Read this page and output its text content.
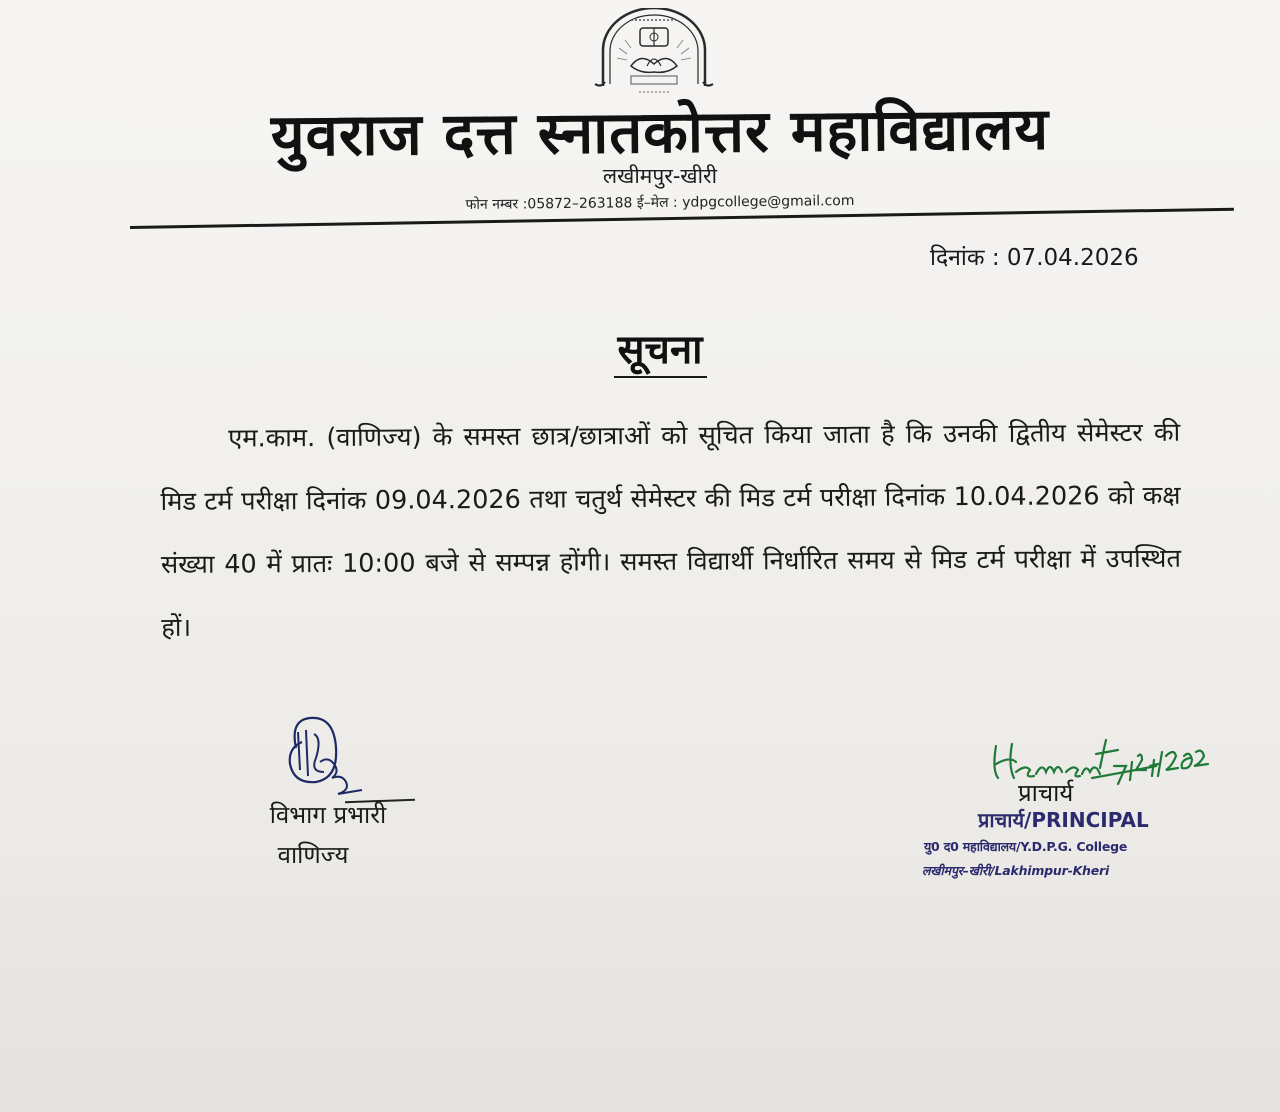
युवराज दत्त स्नातकोत्तर महाविद्यालय
लखीमपुर-खीरी
फोन नम्बर :05872–263188 ई–मेल : ydpgcollege@gmail.com
दिनांक : 07.04.2026
सूचना
एम.काम. (वाणिज्य) के समस्त छात्र/छात्राओं को सूचित किया जाता है कि उनकी द्वितीय सेमेस्टर की मिड टर्म परीक्षा दिनांक 09.04.2026 तथा चतुर्थ सेमेस्टर की मिड टर्म परीक्षा दिनांक 10.04.2026 को कक्ष संख्या 40 में प्रातः 10:00 बजे से सम्पन्न होंगी। समस्त विद्यार्थी निर्धारित समय से मिड टर्म परीक्षा में उपस्थित हों।
विभाग प्रभारी
वाणिज्य
प्राचार्य
प्राचार्य/PRINCIPAL
यु0 द0 महाविद्यालय/Y.D.P.G. College
लखीमपुर–खीरी/Lakhimpur-Kheri
